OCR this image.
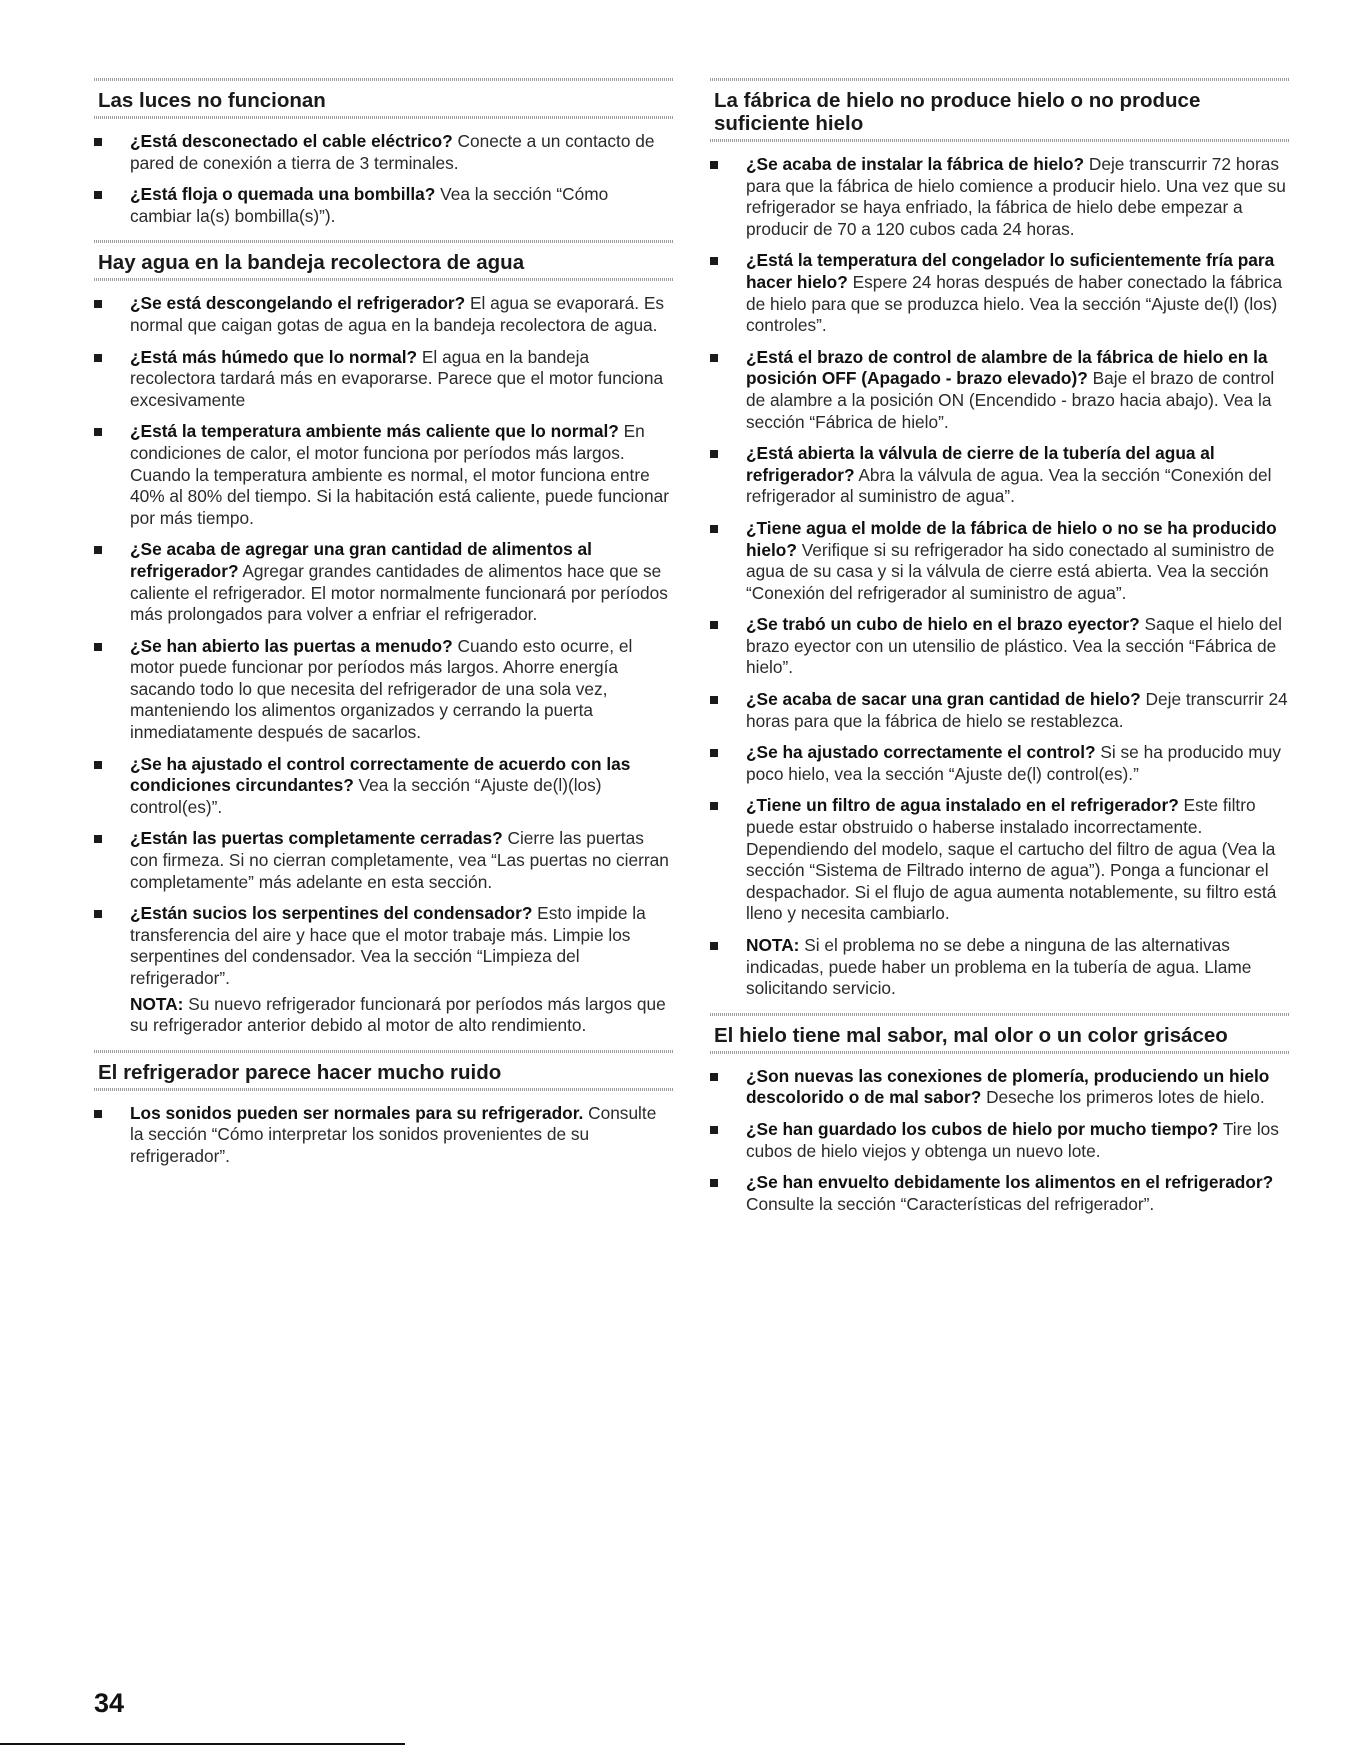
Las luces no funcionan
¿Está desconectado el cable eléctrico? Conecte a un contacto de pared de conexión a tierra de 3 terminales.
¿Está floja o quemada una bombilla? Vea la sección “Cómo cambiar la(s) bombilla(s)”).
Hay agua en la bandeja recolectora de agua
¿Se está descongelando el refrigerador? El agua se evaporará. Es normal que caigan gotas de agua en la bandeja recolectora de agua.
¿Está más húmedo que lo normal? El agua en la bandeja recolectora tardará más en evaporarse. Parece que el motor funciona excesivamente
¿Está la temperatura ambiente más caliente que lo normal? En condiciones de calor, el motor funciona por períodos más largos. Cuando la temperatura ambiente es normal, el motor funciona entre 40% al 80% del tiempo. Si la habitación está caliente, puede funcionar por más tiempo.
¿Se acaba de agregar una gran cantidad de alimentos al refrigerador? Agregar grandes cantidades de alimentos hace que se caliente el refrigerador. El motor normalmente funcionará por períodos más prolongados para volver a enfriar el refrigerador.
¿Se han abierto las puertas a menudo? Cuando esto ocurre, el motor puede funcionar por períodos más largos. Ahorre energía sacando todo lo que necesita del refrigerador de una sola vez, manteniendo los alimentos organizados y cerrando la puerta inmediatamente después de sacarlos.
¿Se ha ajustado el control correctamente de acuerdo con las condiciones circundantes? Vea la sección “Ajuste de(l)(los) control(es)”.
¿Están las puertas completamente cerradas? Cierre las puertas con firmeza. Si no cierran completamente, vea “Las puertas no cierran completamente” más adelante en esta sección.
¿Están sucios los serpentines del condensador? Esto impide la transferencia del aire y hace que el motor trabaje más. Limpie los serpentines del condensador. Vea la sección “Limpieza del refrigerador”.
NOTA: Su nuevo refrigerador funcionará por períodos más largos que su refrigerador anterior debido al motor de alto rendimiento.
El refrigerador parece hacer mucho ruido
Los sonidos pueden ser normales para su refrigerador. Consulte la sección “Cómo interpretar los sonidos provenientes de su refrigerador”.
La fábrica de hielo no produce hielo o no produce suficiente hielo
¿Se acaba de instalar la fábrica de hielo? Deje transcurrir 72 horas para que la fábrica de hielo comience a producir hielo. Una vez que su refrigerador se haya enfriado, la fábrica de hielo debe empezar a producir de 70 a 120 cubos cada 24 horas.
¿Está la temperatura del congelador lo suficientemente fría para hacer hielo? Espere 24 horas después de haber conectado la fábrica de hielo para que se produzca hielo. Vea la sección “Ajuste de(l) (los) controles”.
¿Está el brazo de control de alambre de la fábrica de hielo en la posición OFF (Apagado - brazo elevado)? Baje el brazo de control de alambre a la posición ON (Encendido - brazo hacia abajo). Vea la sección “Fábrica de hielo”.
¿Está abierta la válvula de cierre de la tubería del agua al refrigerador? Abra la válvula de agua. Vea la sección “Conexión del refrigerador al suministro de agua”.
¿Tiene agua el molde de la fábrica de hielo o no se ha producido hielo? Verifique si su refrigerador ha sido conectado al suministro de agua de su casa y si la válvula de cierre está abierta. Vea la sección “Conexión del refrigerador al suministro de agua”.
¿Se trabó un cubo de hielo en el brazo eyector? Saque el hielo del brazo eyector con un utensilio de plástico. Vea la sección “Fábrica de hielo”.
¿Se acaba de sacar una gran cantidad de hielo? Deje transcurrir 24 horas para que la fábrica de hielo se restablezca.
¿Se ha ajustado correctamente el control? Si se ha producido muy poco hielo, vea la sección “Ajuste de(l) control(es).”
¿Tiene un filtro de agua instalado en el refrigerador? Este filtro puede estar obstruido o haberse instalado incorrectamente. Dependiendo del modelo, saque el cartucho del filtro de agua (Vea la sección “Sistema de Filtrado interno de agua”). Ponga a funcionar el despachador. Si el flujo de agua aumenta notablemente, su filtro está lleno y necesita cambiarlo.
NOTA: Si el problema no se debe a ninguna de las alternativas indicadas, puede haber un problema en la tubería de agua. Llame solicitando servicio.
El hielo tiene mal sabor, mal olor o un color grisáceo
¿Son nuevas las conexiones de plomería, produciendo un hielo descolorido o de mal sabor? Deseche los primeros lotes de hielo.
¿Se han guardado los cubos de hielo por mucho tiempo? Tire los cubos de hielo viejos y obtenga un nuevo lote.
¿Se han envuelto debidamente los alimentos en el refrigerador? Consulte la sección “Características del refrigerador”.
34
